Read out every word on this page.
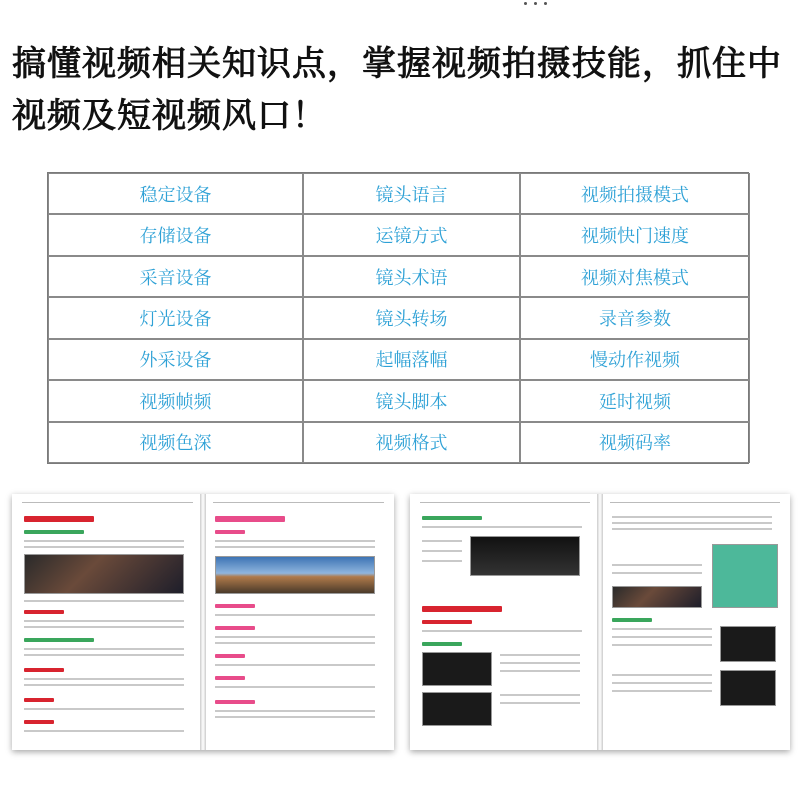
搞懂视频相关知识点，掌握视频拍摄技能，抓住中视频及短视频风口！
稳定设备	镜头语言	视频拍摄模式
存储设备	运镜方式	视频快门速度
采音设备	镜头术语	视频对焦模式
灯光设备	镜头转场	录音参数
外采设备	起幅落幅	慢动作视频
视频帧频	镜头脚本	延时视频
视频色深	视频格式	视频码率
